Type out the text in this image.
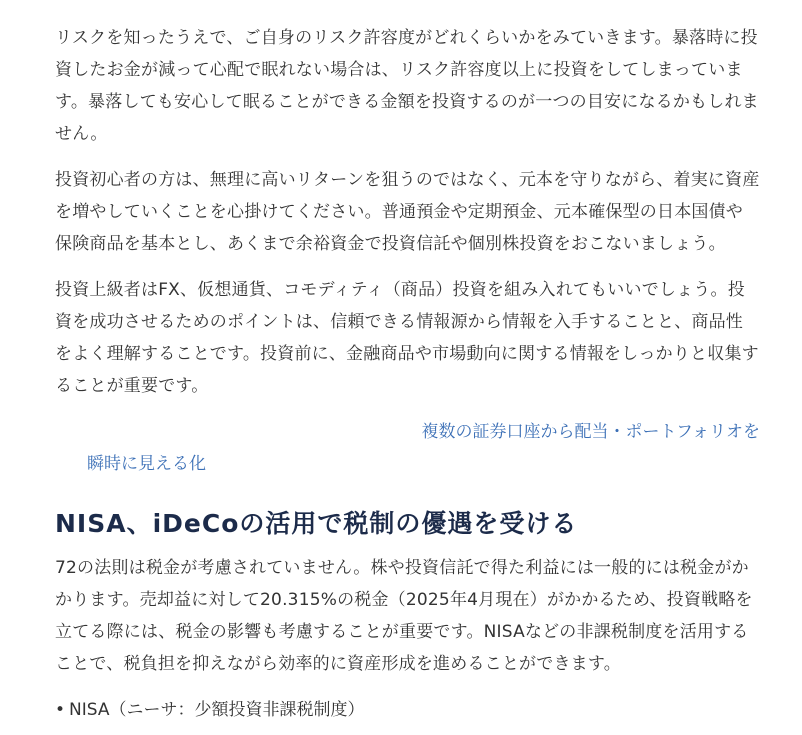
リスクを知ったうえで、ご自身のリスク許容度がどれくらいかをみていきます。暴落時に投資したお金が減って心配で眠れない場合は、リスク許容度以上に投資をしてしまっています。暴落しても安心して眠ることができる金額を投資するのが一つの目安になるかもしれません。

投資初心者の方は、無理に高いリターンを狙うのではなく、元本を守りながら、着実に資産を増やしていくことを心掛けてください。普通預金や定期預金、元本確保型の日本国債や保険商品を基本とし、あくまで余裕資金で投資信託や個別株投資をおこないましょう。

投資上級者はFX、仮想通貨、コモディティ（商品）投資を組み入れてもいいでしょう。投資を成功させるためのポイントは、信頼できる情報源から情報を入手することと、商品性をよく理解することです。投資前に、金融商品や市場動向に関する情報をしっかりと収集することが重要です。

複数の証券口座から配当・ポートフォリオを
瞬時に見える化
NISA、iDeCoの活用で税制の優遇を受ける

72の法則は税金が考慮されていません。株や投資信託で得た利益には一般的には税金がかかります。売却益に対して20.315%の税金（2025年4月現在）がかかるため、投資戦略を立てる際には、税金の影響も考慮することが重要です。NISAなどの非課税制度を活用することで、税負担を抑えながら効率的に資産形成を進めることができます。

• NISA（ニーサ：少額投資非課税制度）
